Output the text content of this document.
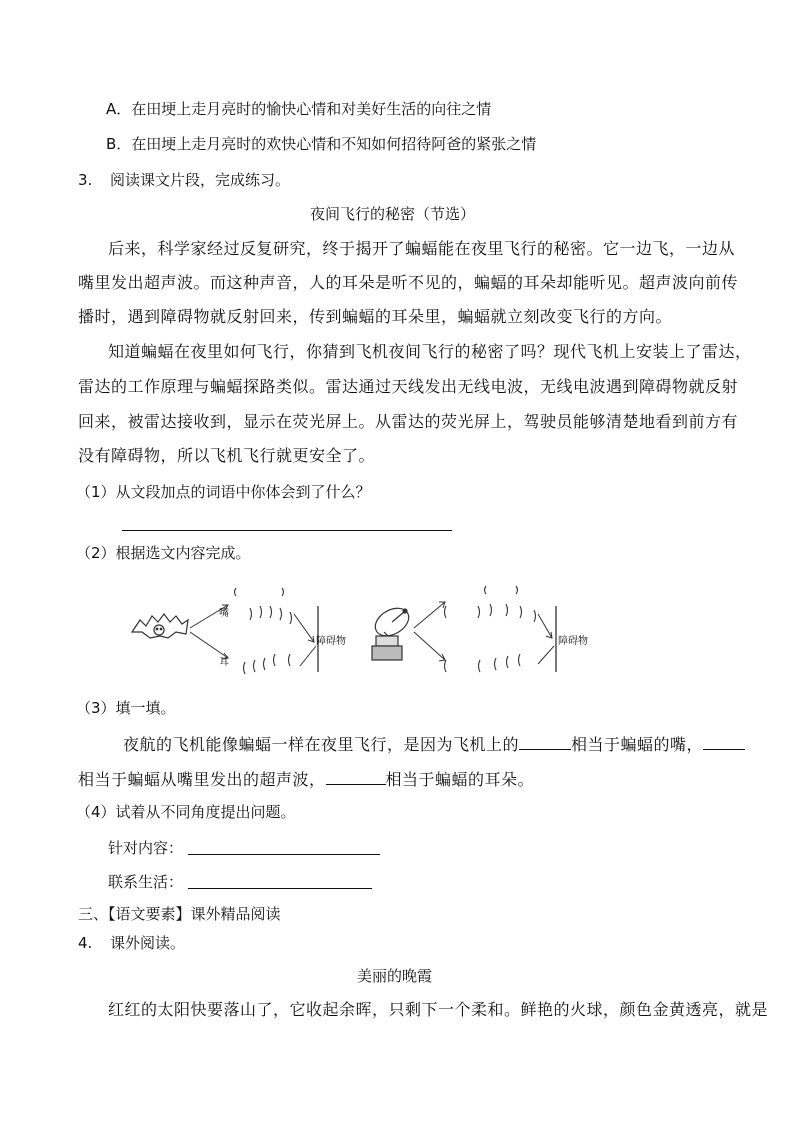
A．在田埂上走月亮时的愉快心情和对美好生活的向往之情
B．在田埂上走月亮时的欢快心情和不知如何招待阿爸的紧张之情
3. 阅读课文片段，完成练习。
夜间飞行的秘密（节选）
后来，科学家经过反复研究，终于揭开了蝙蝠能在夜里飞行的秘密。它一边飞，一边从
嘴里发出超声波。而这种声音，人的耳朵是听不见的，蝙蝠的耳朵却能听见。超声波向前传
播时，遇到障碍物就反射回来，传到蝙蝠的耳朵里，蝙蝠就立刻改变飞行的方向。
知道蝙蝠在夜里如何飞行，你猜到飞机夜间飞行的秘密了吗？现代飞机上安装上了雷达，
雷达的工作原理与蝙蝠探路类似。雷达通过天线发出无线电波，无线电波遇到障碍物就反射
回来，被雷达接收到，显示在荧光屏上。从雷达的荧光屏上，驾驶员能够清楚地看到前方有
没有障碍物，所以飞机飞行就更安全了。
（1）从文段加点的词语中你体会到了什么？
（2）根据选文内容完成。
嘴
耳
障碍物	障碍物
（3）填一填。
夜航的飞机能像蝙蝠一样在夜里飞行，是因为飞机上的	相当于蝙蝠的嘴，
相当于蝙蝠从嘴里发出的超声波，	相当于蝙蝠的耳朵。
（4）试着从不同角度提出问题。
针对内容：
联系生活：
三、【语文要素】课外精品阅读
4. 课外阅读。
美丽的晚霞
红红的太阳快要落山了，它收起余晖，只剩下一个柔和。鲜艳的火球，颜色金黄透亮，就是
